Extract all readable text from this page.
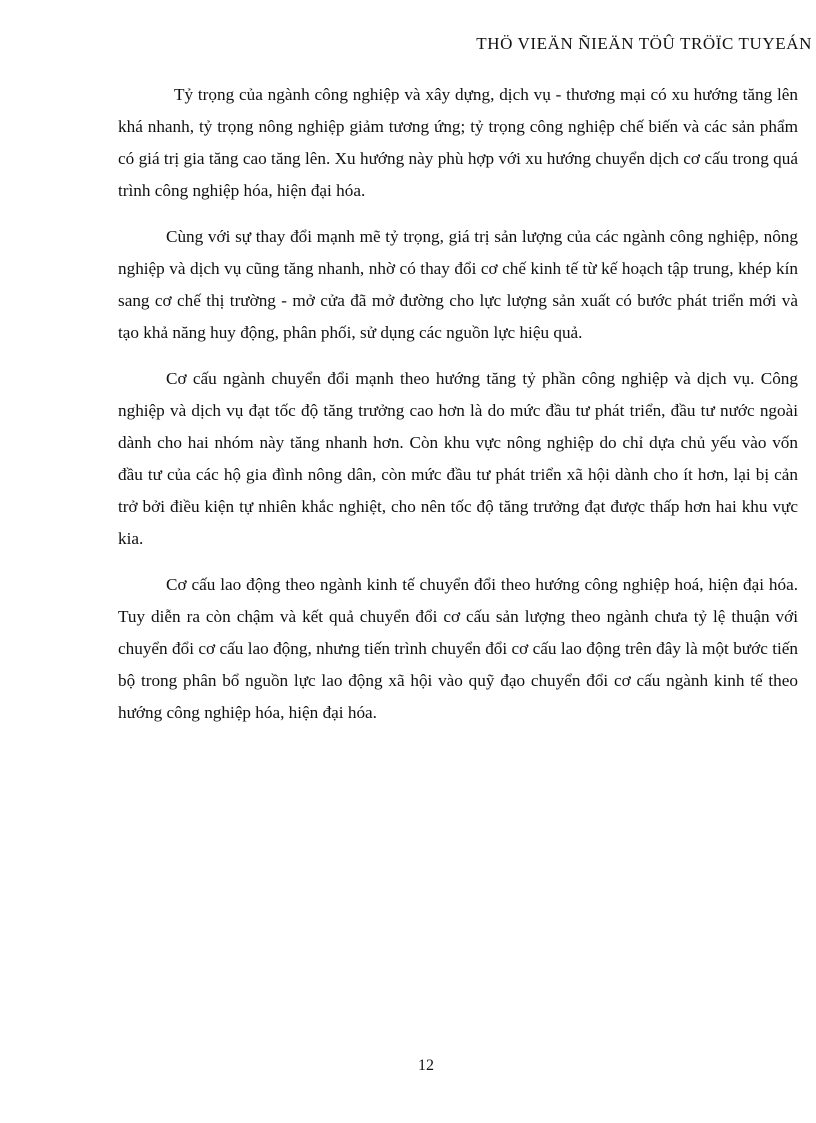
THÖ VIEÄN ÑIEÄN TÖÛ TRÖÏC TUYEÁN

Tỷ trọng của ngành công nghiệp và xây dựng, dịch vụ - thương mại có xu hướng tăng lên khá nhanh, tỷ trọng nông nghiệp giảm tương ứng; tỷ trọng công nghiệp chế biến và các sản phẩm có giá trị gia tăng cao tăng lên. Xu hướng này phù hợp với xu hướng chuyển dịch cơ cấu trong quá trình công nghiệp hóa, hiện đại hóa.

Cùng với sự thay đổi mạnh mẽ tỷ trọng, giá trị sản lượng của các ngành công nghiệp, nông nghiệp và dịch vụ cũng tăng nhanh, nhờ có thay đổi cơ chế kinh tế từ kế hoạch tập trung, khép kín sang cơ chế thị trường - mở cửa đã mở đường cho lực lượng sản xuất có bước phát triển mới và tạo khả năng huy động, phân phối, sử dụng các nguồn lực hiệu quả.

Cơ cấu ngành chuyển đổi mạnh theo hướng tăng tỷ phần công nghiệp và dịch vụ. Công nghiệp và dịch vụ đạt tốc độ tăng trưởng cao hơn là do mức đầu tư phát triển, đầu tư nước ngoài dành cho hai nhóm này tăng nhanh hơn. Còn khu vực nông nghiệp do chỉ dựa chủ yếu vào vốn đầu tư của các hộ gia đình nông dân, còn mức đầu tư phát triển xã hội dành cho ít hơn, lại bị cản trở bởi điều kiện tự nhiên khắc nghiệt, cho nên tốc độ tăng trưởng đạt được thấp hơn hai khu vực kia.

Cơ cấu lao động theo ngành kinh tế chuyển đổi theo hướng công nghiệp hoá, hiện đại hóa. Tuy diễn ra còn chậm và kết quả chuyển đổi cơ cấu sản lượng theo ngành chưa tỷ lệ thuận với chuyển đổi cơ cấu lao động, nhưng tiến trình chuyển đổi cơ cấu lao động trên đây là một bước tiến bộ trong phân bổ nguồn lực lao động xã hội vào quỹ đạo chuyển đổi cơ cấu ngành kinh tế theo hướng công nghiệp hóa, hiện đại hóa.

12
